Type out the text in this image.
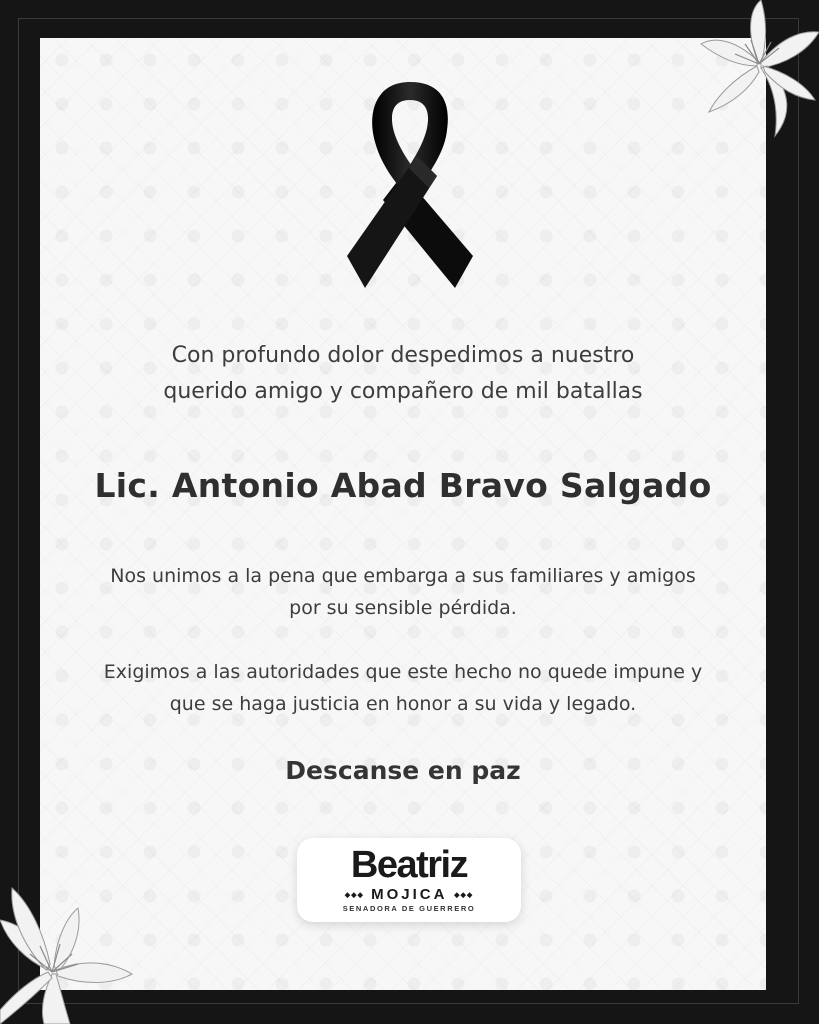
Con profundo dolor despedimos a nuestro
querido amigo y compañero de mil batallas
Lic. Antonio Abad Bravo Salgado
Nos unimos a la pena que embarga a sus familiares y amigos
por su sensible pérdida.
Exigimos a las autoridades que este hecho no quede impune y
que se haga justicia en honor a su vida y legado.
Descanse en paz
Beatriz
◆◆◆ MOJICA ◆◆◆
SENADORA DE GUERRERO
